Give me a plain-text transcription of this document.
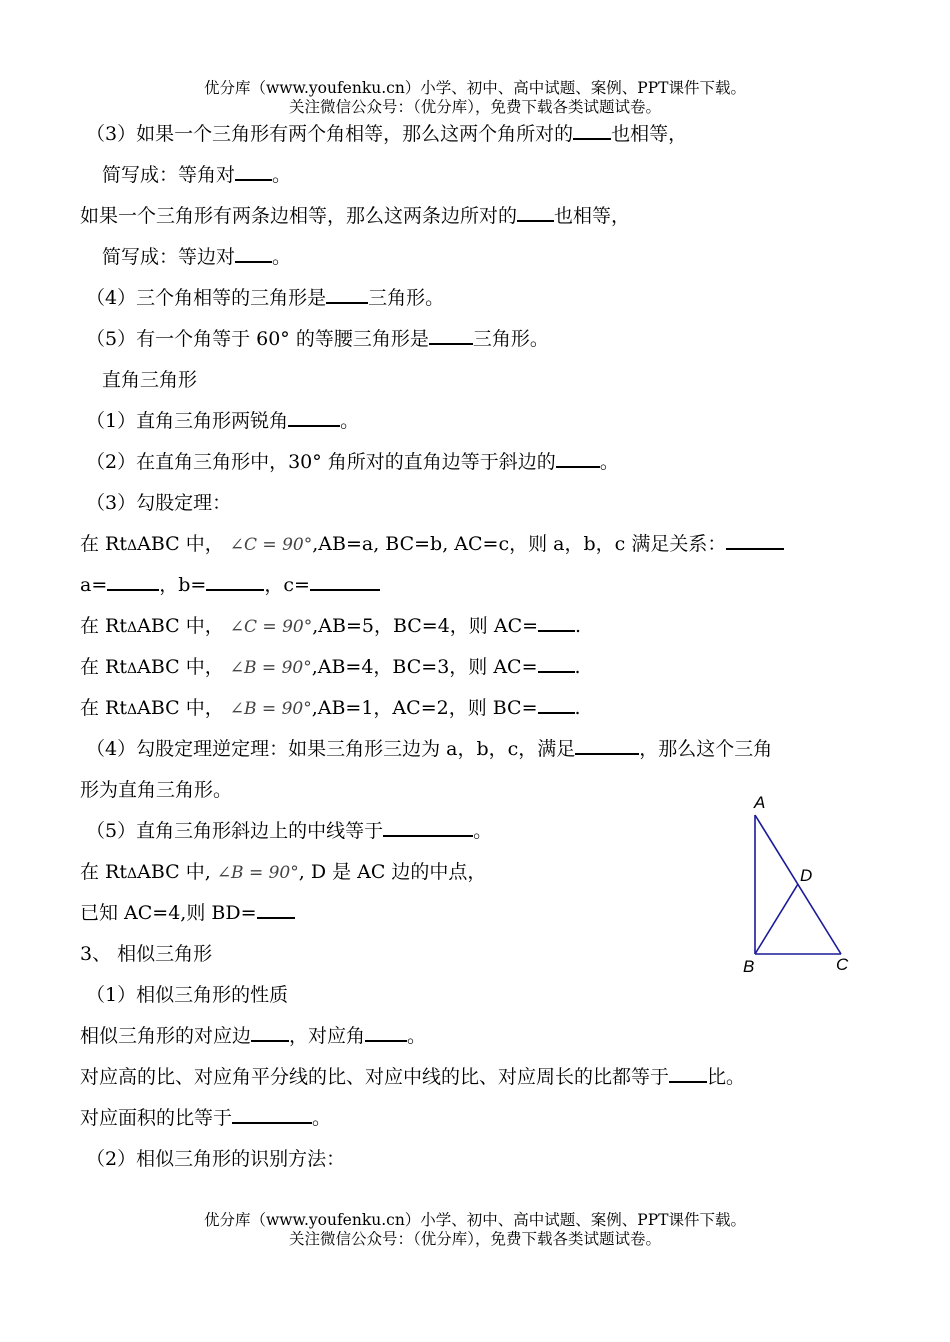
优分库（www.youfenku.cn）小学、初中、高中试题、案例、PPT课件下载。
关注微信公众号：（优分库），免费下载各类试题试卷。
（3）如果一个三角形有两个角相等，那么这两个角所对的 也相等，
简写成：等角对 。
如果一个三角形有两条边相等，那么这两条边所对的 也相等，
简写成：等边对 。
（4）三个角相等的三角形是 三角形。
（5）有一个角等于 60° 的等腰三角形是 三角形。
直角三角形
（1）直角三角形两锐角	。
（2）在直角三角形中，30° 角所对的直角边等于斜边的 。
（3）勾股定理：
在 RtΔABC 中， ∠C = 90°,AB=a, BC=b, AC=c，则 a，b，c 满足关系：
a=	，b=	，c=
在 RtΔABC 中， ∠C = 90°,AB=5，BC=4，则 AC= .
在 RtΔABC 中， ∠B = 90°,AB=4，BC=3，则 AC= .
在 RtΔABC 中， ∠B = 90°,AB=1，AC=2，则 BC= .
（4）勾股定理逆定理：如果三角形三边为 a，b，c，满足	，那么这个三角
形为直角三角形。
（5）直角三角形斜边上的中线等于	。
在 RtΔABC 中, ∠B = 90°, D 是 AC 边的中点，
已知 AC=4,则 BD=
3、 相似三角形
（1）相似三角形的性质
相似三角形的对应边 ，对应角 。
对应高的比、对应角平分线的比、对应中线的比、对应周长的比都等于 比。
对应面积的比等于	。
（2）相似三角形的识别方法：
A
D
B	C
优分库（www.youfenku.cn）小学、初中、高中试题、案例、PPT课件下载。
关注微信公众号：（优分库），免费下载各类试题试卷。
